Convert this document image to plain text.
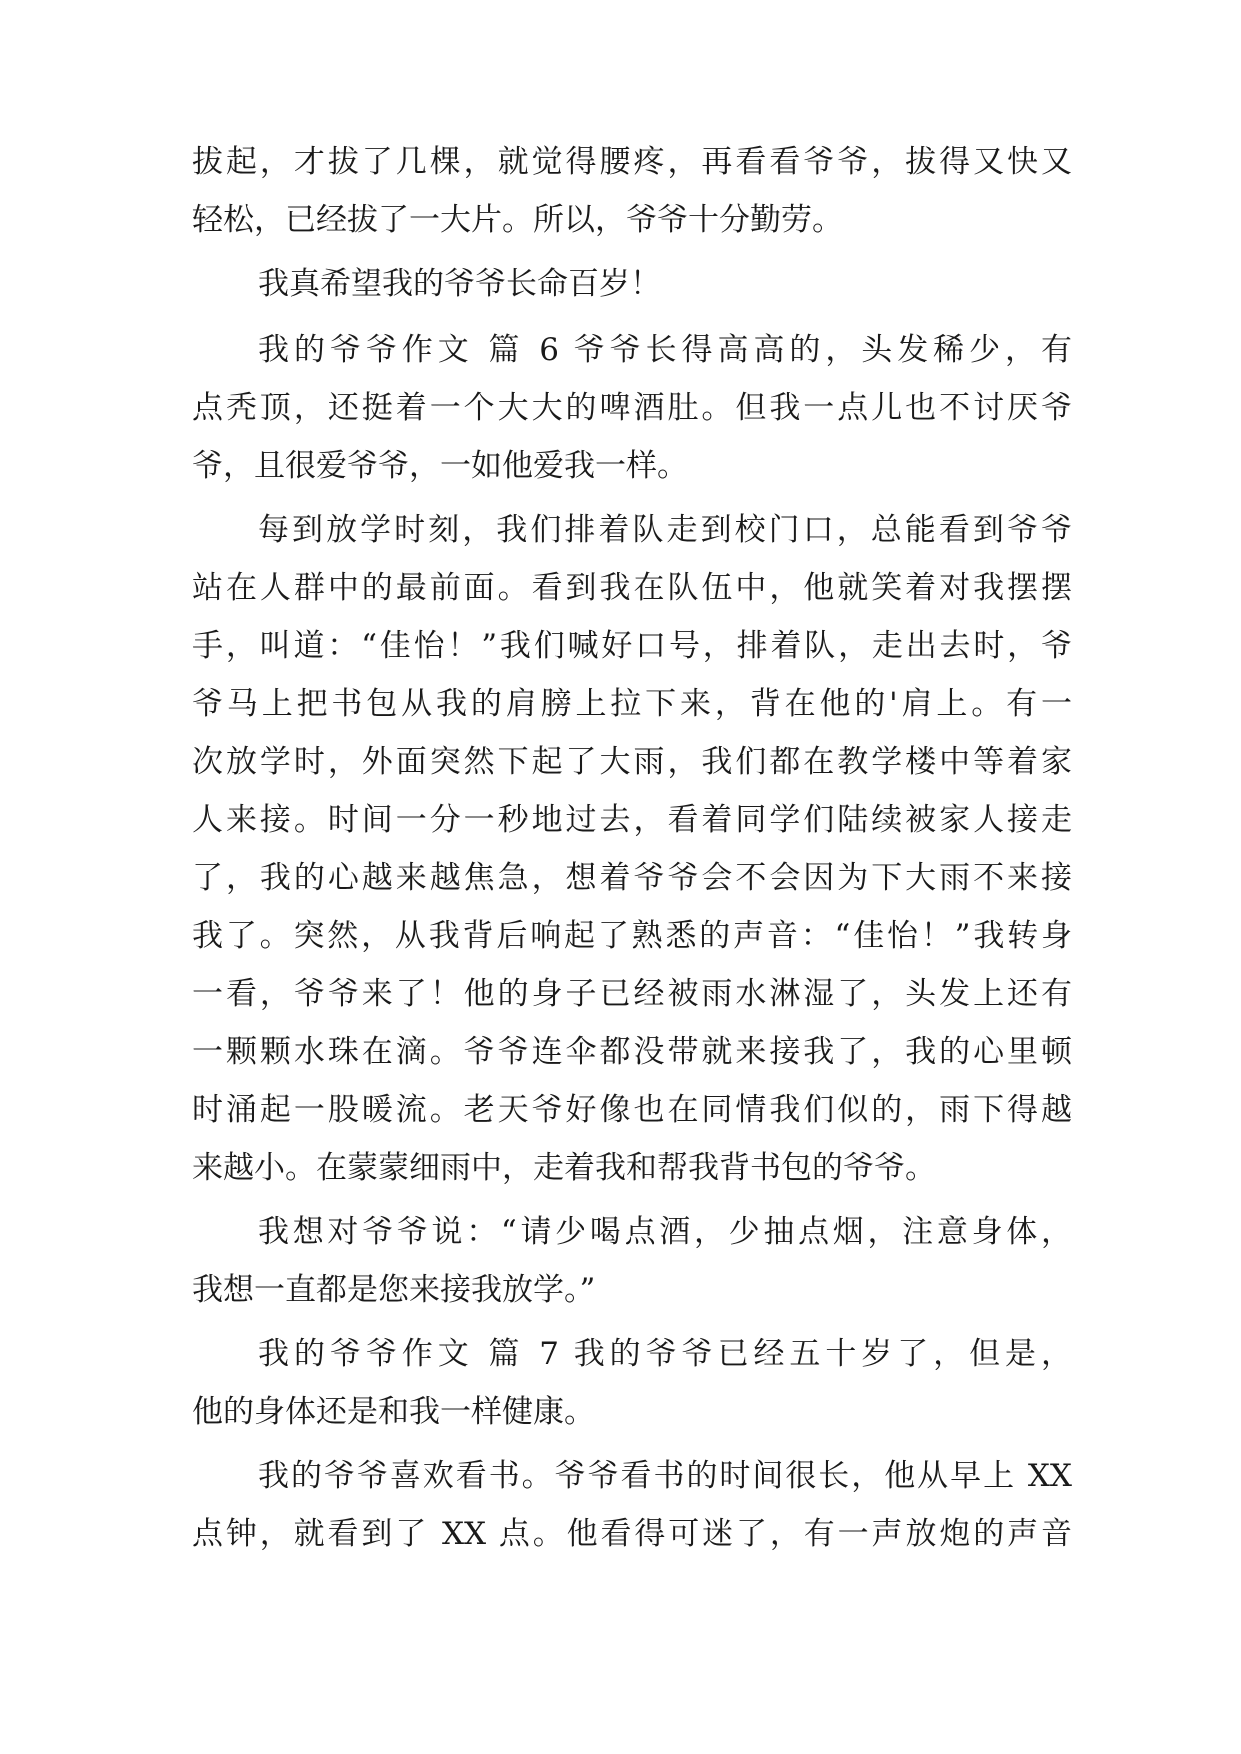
拔起，才拔了几棵，就觉得腰疼，再看看爷爷，拔得又快又
轻松，已经拔了一大片。所以，爷爷十分勤劳。
我真希望我的爷爷长命百岁！
我的爷爷作文 篇 6 爷爷长得高高的，头发稀少，有
点秃顶，还挺着一个大大的啤酒肚。但我一点儿也不讨厌爷
爷，且很爱爷爷，一如他爱我一样。
每到放学时刻，我们排着队走到校门口，总能看到爷爷
站在人群中的最前面。看到我在队伍中，他就笑着对我摆摆
手，叫道：“佳怡！”我们喊好口号，排着队，走出去时，爷
爷马上把书包从我的肩膀上拉下来，背在他的'肩上。有一
次放学时，外面突然下起了大雨，我们都在教学楼中等着家
人来接。时间一分一秒地过去，看着同学们陆续被家人接走
了，我的心越来越焦急，想着爷爷会不会因为下大雨不来接
我了。突然，从我背后响起了熟悉的声音：“佳怡！”我转身
一看，爷爷来了！他的身子已经被雨水淋湿了，头发上还有
一颗颗水珠在滴。爷爷连伞都没带就来接我了，我的心里顿
时涌起一股暖流。老天爷好像也在同情我们似的，雨下得越
来越小。在蒙蒙细雨中，走着我和帮我背书包的爷爷。
我想对爷爷说：“请少喝点酒，少抽点烟，注意身体，
我想一直都是您来接我放学。”
我的爷爷作文 篇 7 我的爷爷已经五十岁了，但是，
他的身体还是和我一样健康。
我的爷爷喜欢看书。爷爷看书的时间很长，他从早上 XX
点钟，就看到了 XX 点。他看得可迷了，有一声放炮的声音
